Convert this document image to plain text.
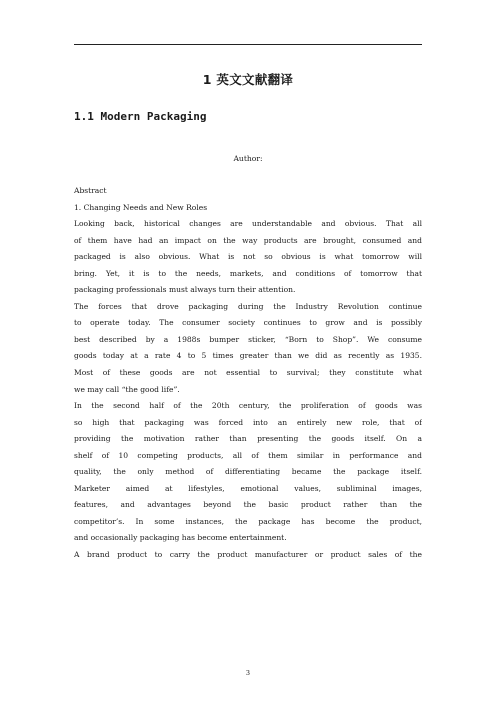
1 英文文献翻译
1.1 Modern Packaging
Author:
Abstract
1. Changing Needs and New Roles
Looking back, historical changes are understandable and obvious. That all
of them have had an impact on the way products are brought, consumed and
packaged is also obvious. What is not so obvious is what tomorrow will
bring. Yet, it is to the needs, markets, and conditions of tomorrow that
packaging professionals must always turn their attention.
The forces that drove packaging during the Industry Revolution continue
to operate today. The consumer society continues to grow and is possibly
best described by a 1988s bumper sticker, “Born to Shop”. We consume
goods today at a rate 4 to 5 times greater than we did as recently as 1935.
Most of these goods are not essential to survival; they constitute what
we may call “the good life”.
In the second half of the 20th century, the proliferation of goods was
so high that packaging was forced into an entirely new role, that of
providing the motivation rather than presenting the goods itself. On a
shelf of 10 competing products, all of them similar in performance and
quality, the only method of differentiating became the package itself.
Marketer aimed at lifestyles, emotional values, subliminal images,
features, and advantages beyond the basic product rather than the
competitor’s. In some instances, the package has become the product,
and occasionally packaging has become entertainment.
A brand product to carry the product manufacturer or product sales of the
3
